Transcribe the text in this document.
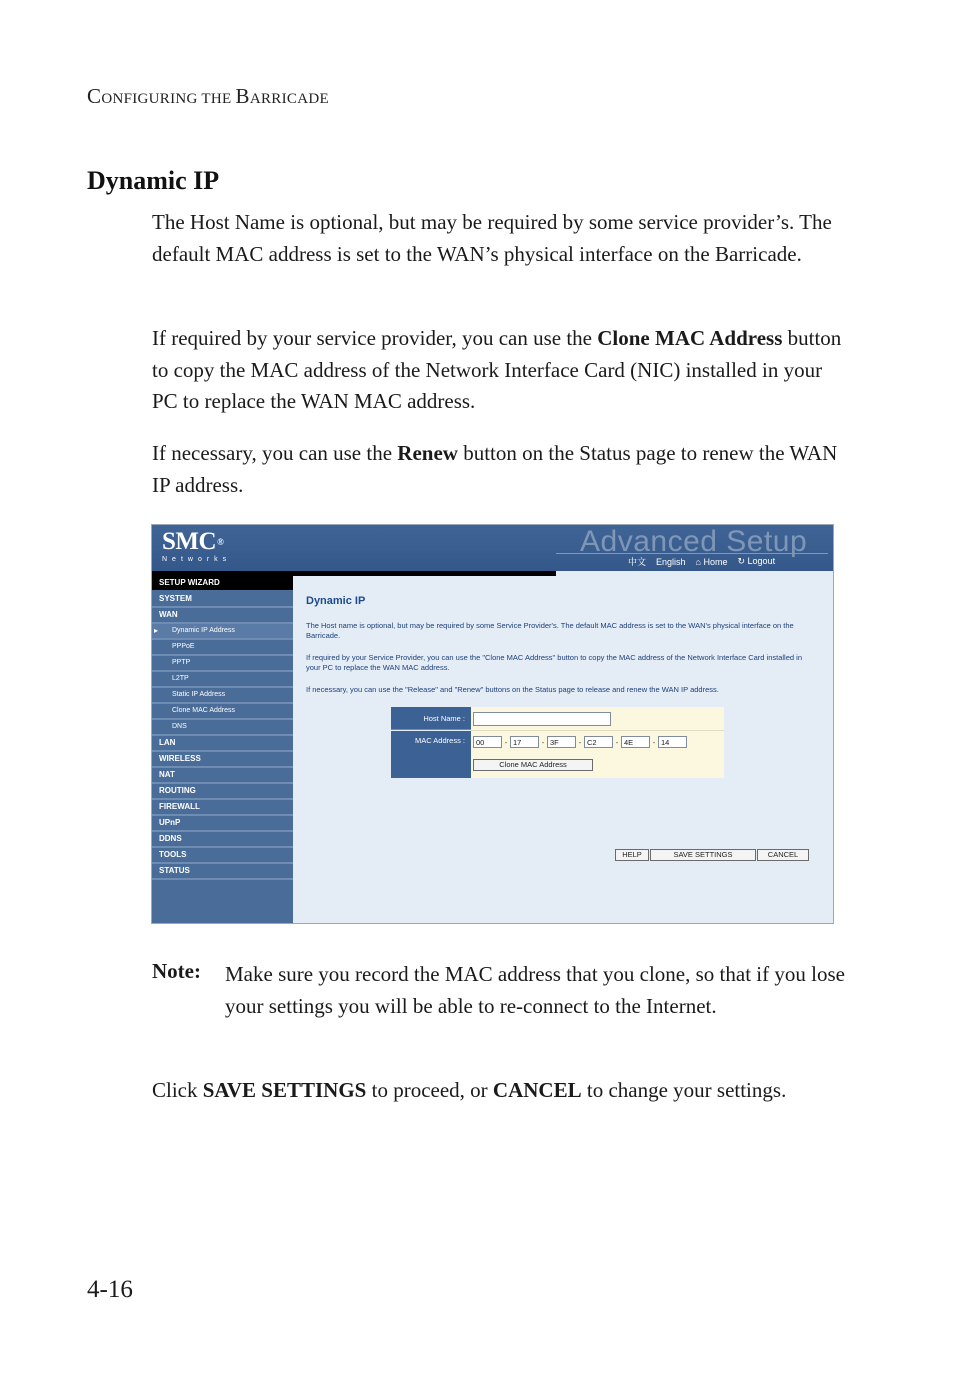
CONFIGURING THE BARRICADE
Dynamic IP

The Host Name is optional, but may be required by some service provider’s. The default MAC address is set to the WAN’s physical interface on the Barricade.

If required by your service provider, you can use the Clone MAC Address button to copy the MAC address of the Network Interface Card (NIC) installed in your PC to replace the WAN MAC address.

If necessary, you can use the Renew button on the Status page to renew the WAN IP address.

SMC®
Networks
Advanced Setup
中文 English ⌂ Home ↻ Logout
SETUP WIZARD
SYSTEM
WAN
▸ Dynamic IP Address
PPPoE
PPTP
L2TP
Static IP Address
Clone MAC Address
DNS
LAN
WIRELESS
NAT
ROUTING
FIREWALL
UPnP
DDNS
TOOLS
STATUS
Dynamic IP
The Host name is optional, but may be required by some Service Provider's. The default MAC address is set to the WAN's physical interface on the Barricade.
If required by your Service Provider, you can use the "Clone MAC Address" button to copy the MAC address of the Network Interface Card installed in your PC to replace the WAN MAC address.
If necessary, you can use the "Release" and "Renew" buttons on the Status page to release and renew the WAN IP address.
Host Name :
MAC Address :	00	- 17	- 3F	- C2	- 4E	- 14
Clone MAC Address
HELP	SAVE SETTINGS	CANCEL
Note: Make sure you record the MAC address that you clone, so that if you lose your settings you will be able to re-connect to the Internet.

Click SAVE SETTINGS to proceed, or CANCEL to change your settings.

4-16
